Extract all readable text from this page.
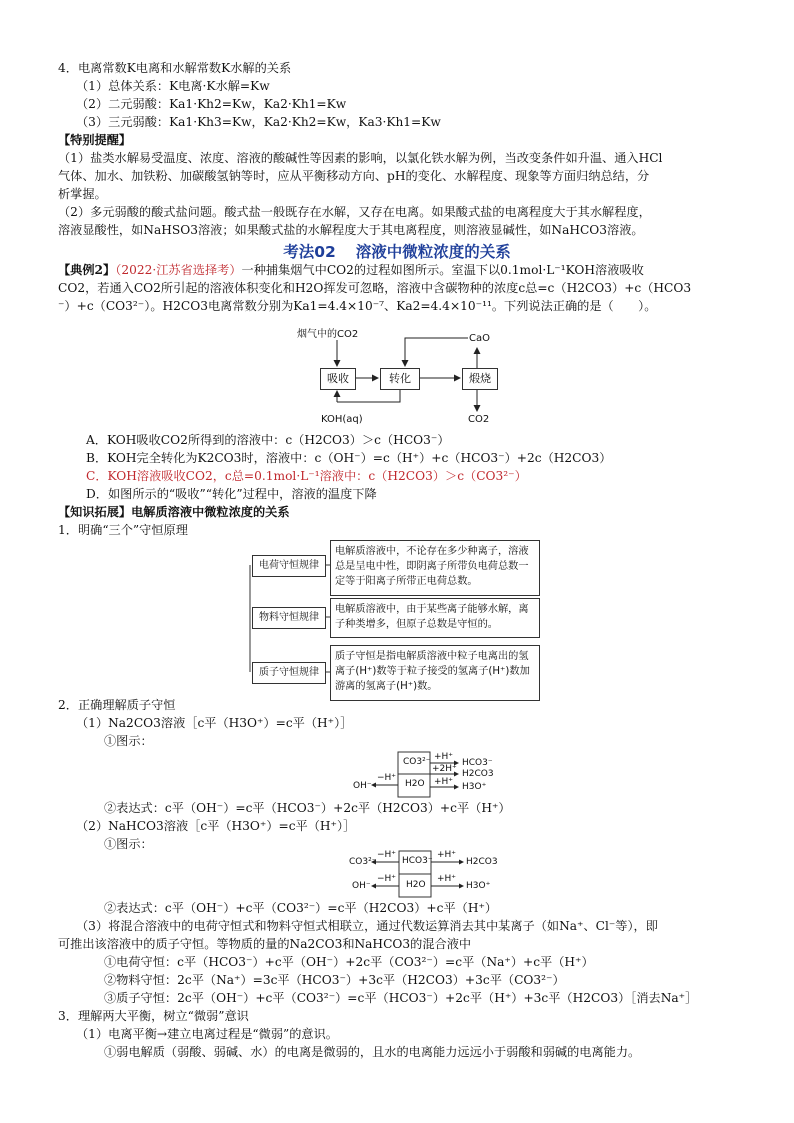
4．电离常数K电离和水解常数K水解的关系
（1）总体关系：K电离·K水解=Kw
（2）二元弱酸：Ka1·Kh2=Kw，Ka2·Kh1=Kw
（3）三元弱酸：Ka1·Kh3=Kw，Ka2·Kh2=Kw，Ka3·Kh1=Kw
【特别提醒】
（1）盐类水解易受温度、浓度、溶液的酸碱性等因素的影响，以氯化铁水解为例，当改变条件如升温、通入HCl
气体、加水、加铁粉、加碳酸氢钠等时，应从平衡移动方向、pH的变化、水解程度、现象等方面归纳总结，分
析掌握。
（2）多元弱酸的酸式盐问题。酸式盐一般既存在水解，又存在电离。如果酸式盐的电离程度大于其水解程度，
溶液显酸性，如NaHSO3溶液；如果酸式盐的水解程度大于其电离程度，则溶液显碱性，如NaHCO3溶液。
考法02 溶液中微粒浓度的关系
【典例2】（2022·江苏省选择考）一种捕集烟气中CO2的过程如图所示。室温下以0.1mol·L⁻¹KOH溶液吸收
CO2，若通入CO2所引起的溶液体积变化和H2O挥发可忽略，溶液中含碳物种的浓度c总=c（H2CO3）+c（HCO3
⁻）+c（CO3²⁻）。H2CO3电离常数分别为Ka1=4.4×10⁻⁷、Ka2=4.4×10⁻¹¹。下列说法正确的是（　　）。
烟气中的CO2
吸收	转化	煅烧
CaO
CO2
KOH(aq)
A．KOH吸收CO2所得到的溶液中：c（H2CO3）＞c（HCO3⁻）
B．KOH完全转化为K2CO3时，溶液中：c（OH⁻）=c（H⁺）+c（HCO3⁻）+2c（H2CO3）
C．KOH溶液吸收CO2，c总=0.1mol·L⁻¹溶液中：c（H2CO3）＞c（CO3²⁻）
D．如图所示的“吸收”“转化”过程中，溶液的温度下降
【知识拓展】电解质溶液中微粒浓度的关系
1．明确“三个”守恒原理
电荷守恒规律
物料守恒规律
质子守恒规律
电解质溶液中，不论存在多少种离子，溶液总是呈电中性，即阴离子所带负电荷总数一定等于阳离子所带正电荷总数。
电解质溶液中，由于某些离子能够水解，离子种类增多，但原子总数是守恒的。
质子守恒是指电解质溶液中粒子电离出的氢离子(H⁺)数等于粒子接受的氢离子(H⁺)数加游离的氢离子(H⁺)数。
2．正确理解质子守恒
（1）Na2CO3溶液［c平（H3O⁺）=c平（H⁺）］
①图示：
CO3²⁻
H2O
−H⁺
OH⁻
+H⁺
+2H⁺
+H⁺
HCO3⁻
H2CO3
H3O⁺
②表达式：c平（OH⁻）=c平（HCO3⁻）+2c平（H2CO3）+c平（H⁺）
（2）NaHCO3溶液［c平（H3O⁺）=c平（H⁺）］
①图示：
HCO3⁻
H2O
CO3²⁻
OH⁻
−H⁺
−H⁺
+H⁺
+H⁺
H2CO3
H3O⁺
②表达式：c平（OH⁻）+c平（CO3²⁻）=c平（H2CO3）+c平（H⁺）
（3）将混合溶液中的电荷守恒式和物料守恒式相联立，通过代数运算消去其中某离子（如Na⁺、Cl⁻等），即
可推出该溶液中的质子守恒。等物质的量的Na2CO3和NaHCO3的混合液中
①电荷守恒：c平（HCO3⁻）+c平（OH⁻）+2c平（CO3²⁻）=c平（Na⁺）+c平（H⁺）
②物料守恒：2c平（Na⁺）=3c平（HCO3⁻）+3c平（H2CO3）+3c平（CO3²⁻）
③质子守恒：2c平（OH⁻）+c平（CO3²⁻）=c平（HCO3⁻）+2c平（H⁺）+3c平（H2CO3）［消去Na⁺］
3．理解两大平衡，树立“微弱”意识
（1）电离平衡→建立电离过程是“微弱”的意识。
①弱电解质（弱酸、弱碱、水）的电离是微弱的，且水的电离能力远远小于弱酸和弱碱的电离能力。
